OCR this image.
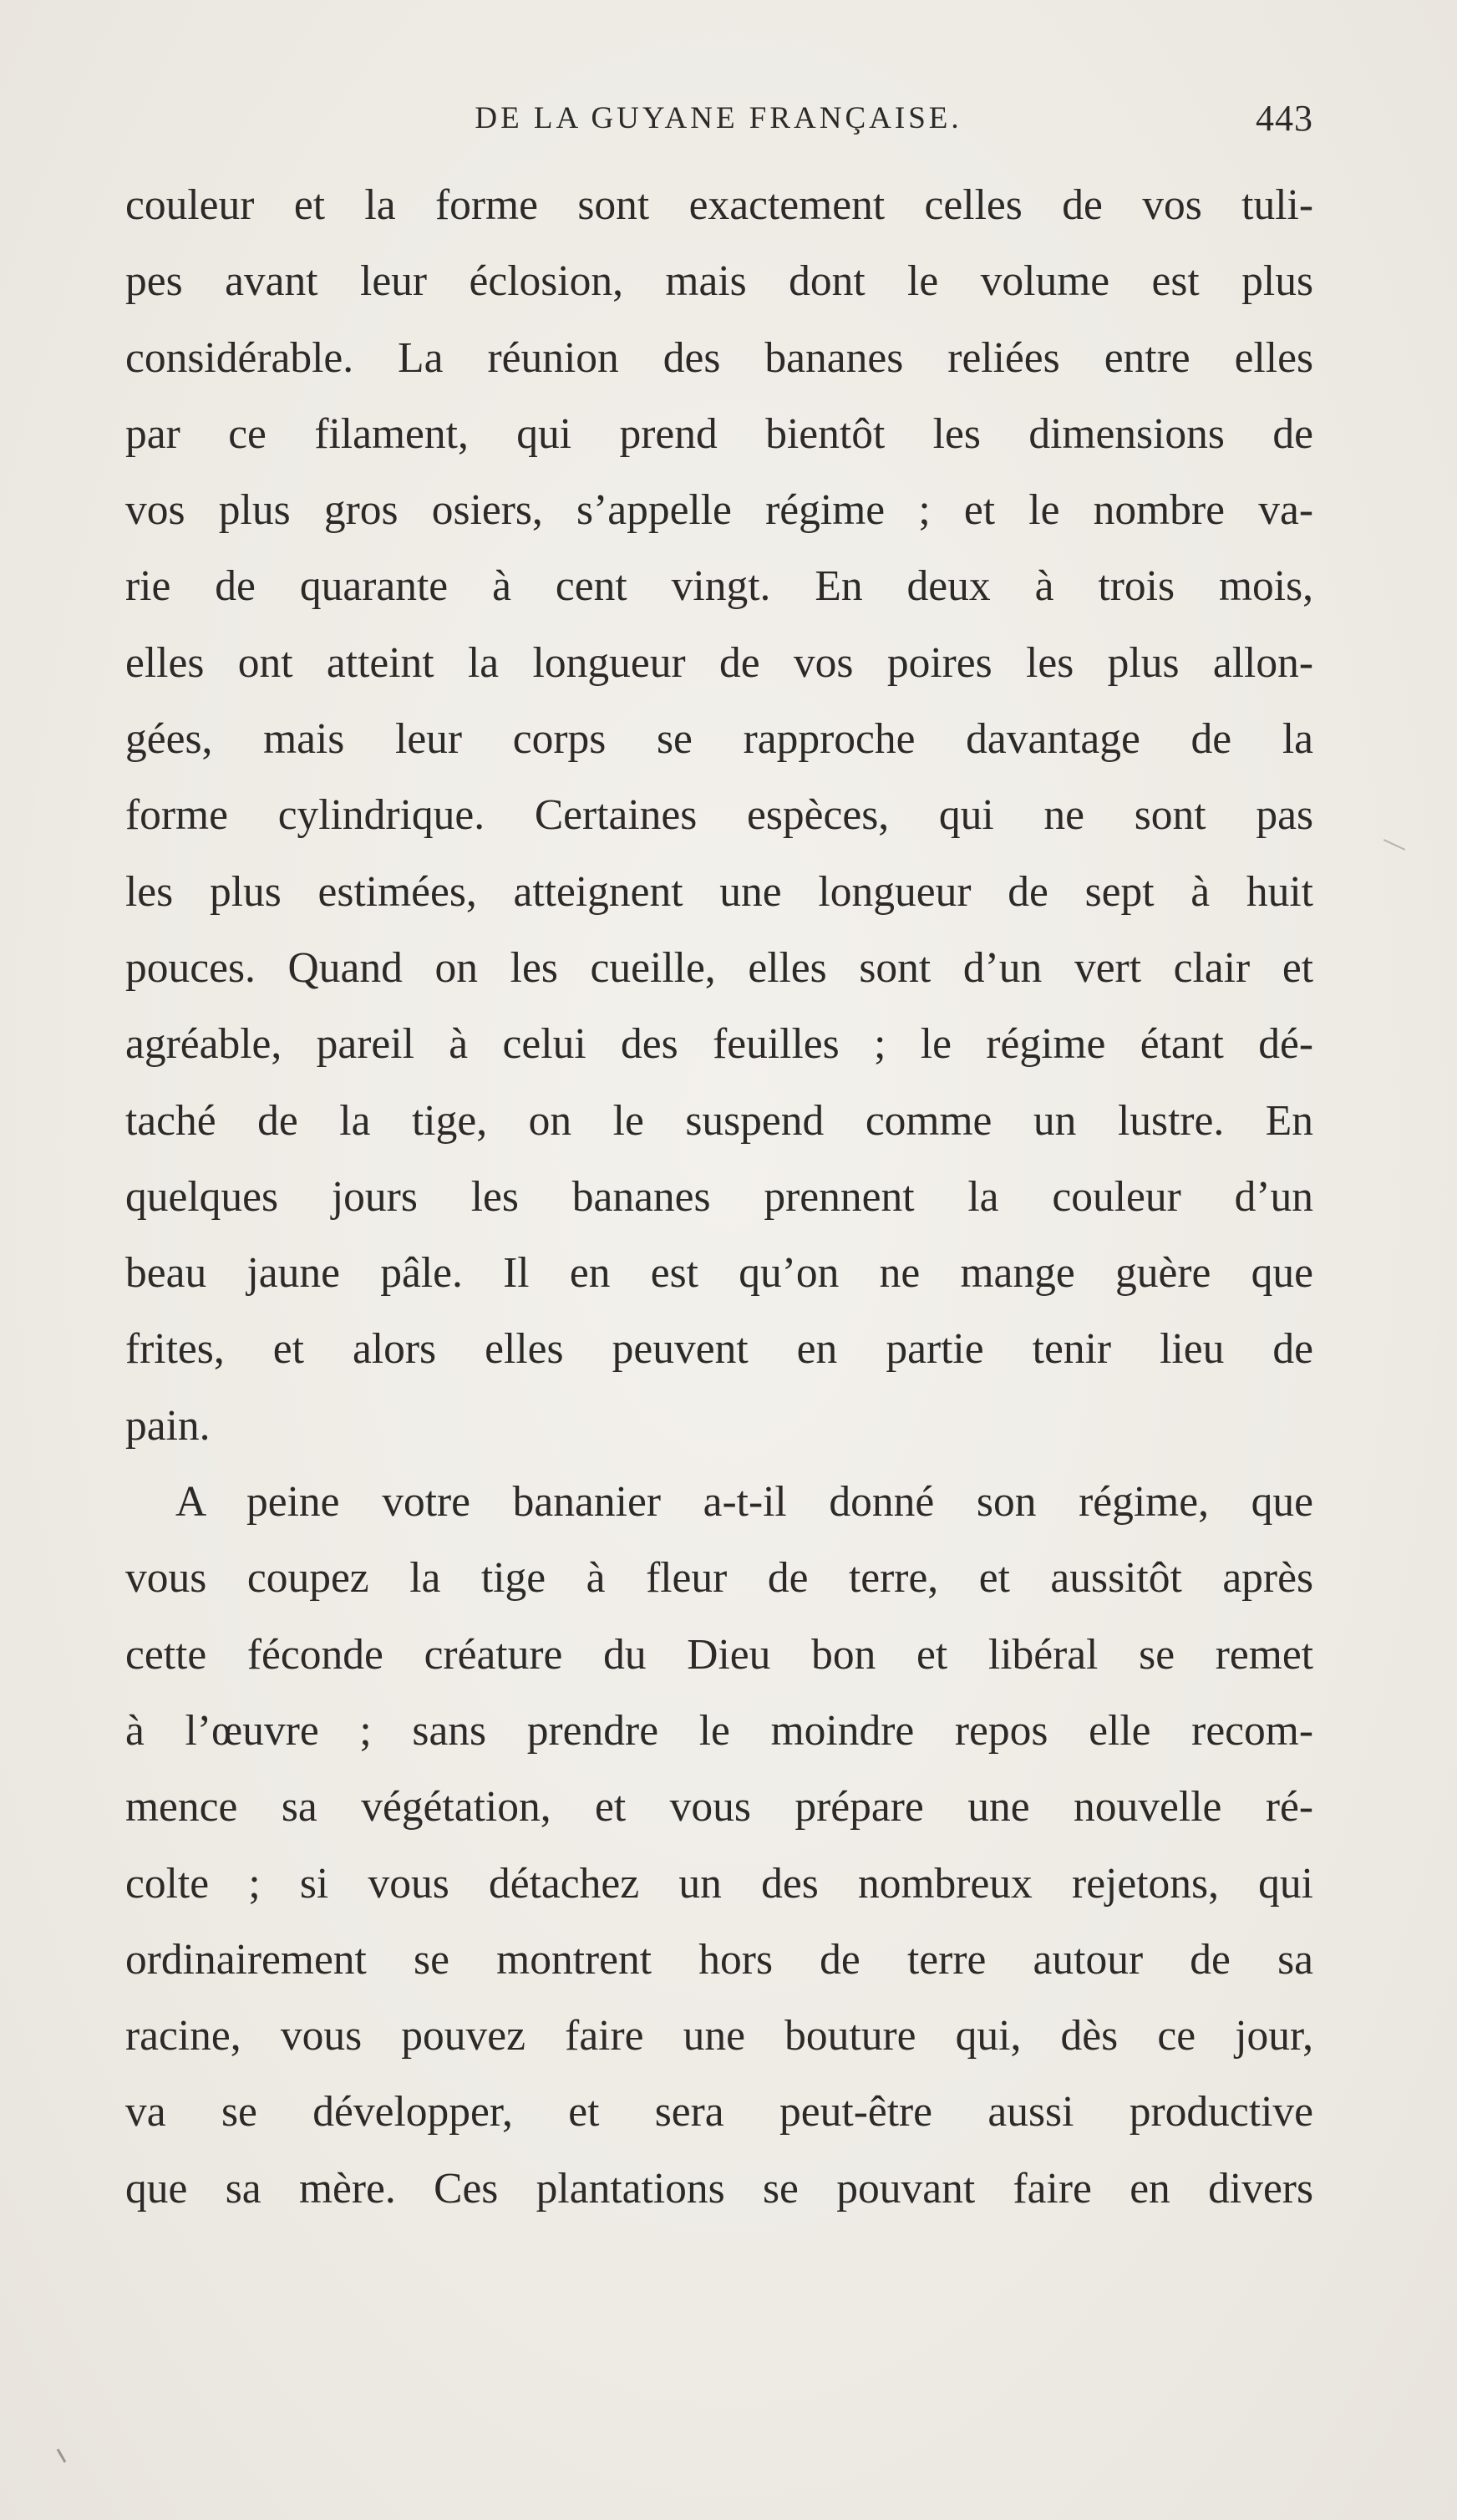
DE LA GUYANE FRANÇAISE.	443
couleur et la forme sont exactement celles de vos tuli-
pes avant leur éclosion, mais dont le volume est plus
considérable. La réunion des bananes reliées entre elles
par ce filament, qui prend bientôt les dimensions de
vos plus gros osiers, s’appelle régime ; et le nombre va-
rie de quarante à cent vingt. En deux à trois mois,
elles ont atteint la longueur de vos poires les plus allon-
gées, mais leur corps se rapproche davantage de la
forme cylindrique. Certaines espèces, qui ne sont pas
les plus estimées, atteignent une longueur de sept à huit
pouces. Quand on les cueille, elles sont d’un vert clair et
agréable, pareil à celui des feuilles ; le régime étant dé-
taché de la tige, on le suspend comme un lustre. En
quelques jours les bananes prennent la couleur d’un
beau jaune pâle. Il en est qu’on ne mange guère que
frites, et alors elles peuvent en partie tenir lieu de
pain.
A peine votre bananier a-t-il donné son régime, que
vous coupez la tige à fleur de terre, et aussitôt après
cette féconde créature du Dieu bon et libéral se remet
à l’œuvre ; sans prendre le moindre repos elle recom-
mence sa végétation, et vous prépare une nouvelle ré-
colte ; si vous détachez un des nombreux rejetons, qui
ordinairement se montrent hors de terre autour de sa
racine, vous pouvez faire une bouture qui, dès ce jour,
va se développer, et sera peut-être aussi productive
que sa mère. Ces plantations se pouvant faire en divers
